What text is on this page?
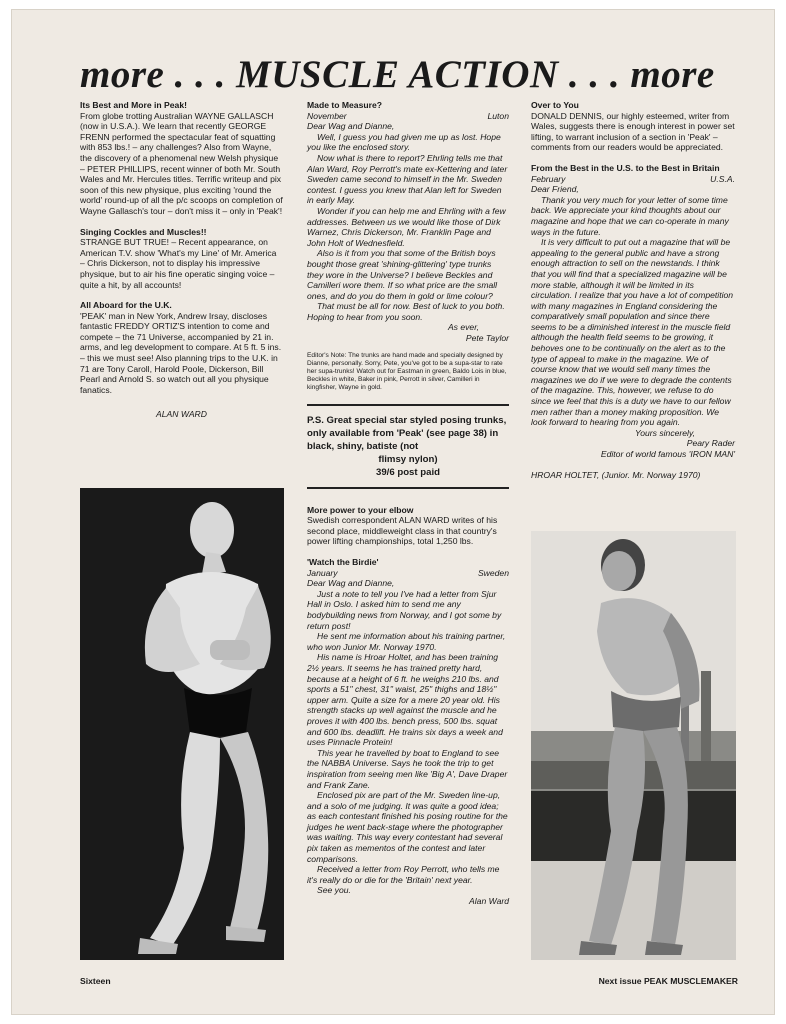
more . . . MUSCLE ACTION . . . more
Its Best and More in Peak!

From globe trotting Australian WAYNE GALLASCH (now in U.S.A.). We learn that recently GEORGE FRENN performed the spectacular feat of squatting with 853 lbs.! – any challenges? Also from Wayne, the discovery of a phenomenal new Welsh physique – PETER PHILLIPS, recent winner of both Mr. South Wales and Mr. Hercules titles. Terrific writeup and pix soon of this new physique, plus exciting 'round the world' round-up of all the p/c scoops on completion of Wayne Gallasch's tour – don't miss it – only in 'Peak'!

Singing Cockles and Muscles!!

STRANGE BUT TRUE! – Recent appearance, on American T.V. show 'What's my Line' of Mr. America – Chris Dickerson, not to display his impressive physique, but to air his fine operatic singing voice – quite a hit, by all accounts!

All Aboard for the U.K.

'PEAK' man in New York, Andrew Irsay, discloses fantastic FREDDY ORTIZ'S intention to come and compete – the 71 Universe, accompanied by 21 in. arms, and leg development to compare. At 5 ft. 5 ins. – this we must see! Also planning trips to the U.K. in 71 are Tony Caroll, Harold Poole, Dickerson, Bill Pearl and Arnold S. so watch out all you physique fanatics.

ALAN WARD
Made to Measure?
November	Luton

Dear Wag and Dianne,

Well, I guess you had given me up as lost. Hope you like the enclosed story.

Now what is there to report? Ehrling tells me that Alan Ward, Roy Perrott's mate ex-Kettering and later Sweden came second to himself in the Mr. Sweden contest. I guess you knew that Alan left for Sweden in early May.

Wonder if you can help me and Ehrling with a few addresses. Between us we would like those of Dirk Warnez, Chris Dickerson, Mr. Franklin Page and John Holt of Wednesfield.

Also is it from you that some of the British boys bought those great 'shining-glittering' type trunks they wore in the Universe? I believe Beckles and Camilleri wore them. If so what price are the small ones, and do you do them in gold or lime colour?

That must be all for now. Best of luck to you both. Hoping to hear from you soon.

As ever,
Pete Taylor

Editor's Note: The trunks are hand made and specially designed by Dianne, personally. Sorry, Pete, you've got to be a supa-star to rate her supa-trunks! Watch out for Eastman in green, Baldo Lois in blue, Beckles in white, Baker in pink, Perrott in silver, Camilleri in kingfisher, Wayne in gold.

P.S. Great special star styled posing trunks, only available from 'Peak' (see page 38) in black, shiny, batiste (not

flimsy nylon)
39/6 post paid
More power to your elbow

Swedish correspondent ALAN WARD writes of his second place, middleweight class in that country's power lifting championships, total 1,250 lbs.

'Watch the Birdie'
January	Sweden

Dear Wag and Dianne,

Just a note to tell you I've had a letter from Sjur Hall in Oslo. I asked him to send me any bodybuilding news from Norway, and I got some by return post!

He sent me information about his training partner, who won Junior Mr. Norway 1970.

His name is Hroar Holtet, and has been training 2½ years. It seems he has trained pretty hard, because at a height of 6 ft. he weighs 210 lbs. and sports a 51" chest, 31" waist, 25" thighs and 18½" upper arm. Quite a size for a mere 20 year old. His strength stacks up well against the muscle and he proves it with 400 lbs. bench press, 500 lbs. squat and 600 lbs. deadlift. He trains six days a week and uses Pinnacle Protein!

This year he travelled by boat to England to see the NABBA Universe. Says he took the trip to get inspiration from seeing men like 'Big A', Dave Draper and Frank Zane.

Enclosed pix are part of the Mr. Sweden line-up, and a solo of me judging. It was quite a good idea; as each contestant finished his posing routine for the judges he went back-stage where the photographer was waiting. This way every contestant had several pix taken as mementos of the contest and later comparisons.

Received a letter from Roy Perrott, who tells me it's really do or die for the 'Britain' next year.

See you.

Alan Ward
Over to You

DONALD DENNIS, our highly esteemed, writer from Wales, suggests there is enough interest in power set lifting, to warrant inclusion of a section in 'Peak' – comments from our readers would be appreciated.

From the Best in the U.S. to the Best in Britain
February	U.S.A.

Dear Friend,

Thank you very much for your letter of some time back. We appreciate your kind thoughts about our magazine and hope that we can co-operate in many ways in the future.

It is very difficult to put out a magazine that will be appealing to the general public and have a strong enough attraction to sell on the newstands. I think that you will find that a specialized magazine will be more stable, although it will be limited in its circulation. I realize that you have a lot of competition with many magazines in England considering the comparatively small population and since there seems to be a diminished interest in the muscle field although the health field seems to be growing, it behoves one to be continually on the alert as to the type of appeal to make in the magazine. We of course know that we would sell many times the magazines we do if we were to degrade the contents of the magazine. This, however, we refuse to do since we feel that this is a duty we have to our fellow men rather than a money making proposition. We look forward to hearing from you again.

Yours sincerely,
Peary Rader
Editor of world famous 'IRON MAN'
HROAR HOLTET, (Junior. Mr. Norway 1970)
Sixteen	Next issue PEAK MUSCLEMAKER
